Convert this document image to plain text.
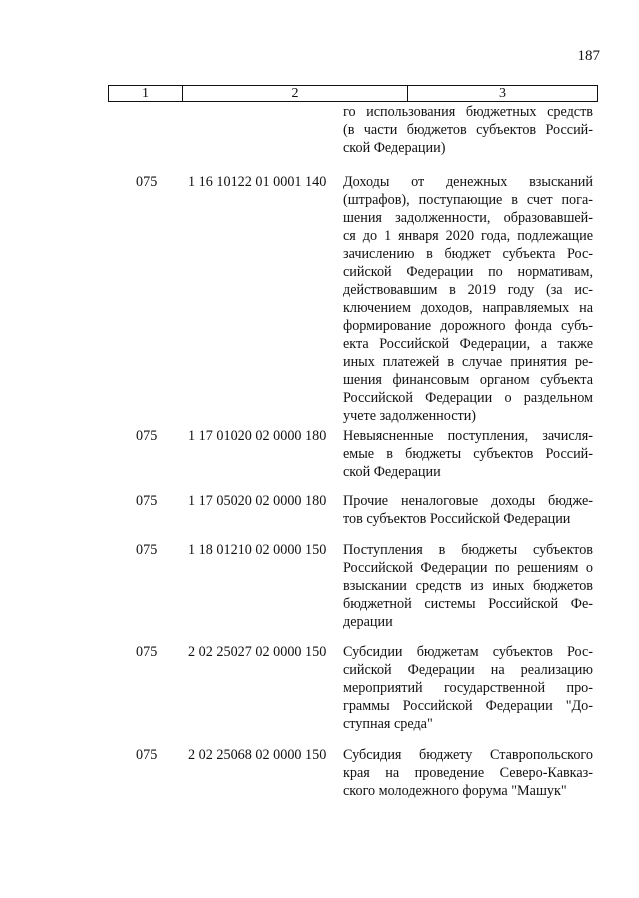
187
1	2	3
го использования бюджетных средств
(в части бюджетов субъектов Россий-
ской Федерации)
075 1 16 10122 01 0001 140 Доходы от денежных взысканий
(штрафов), поступающие в счет пога-
шения задолженности, образовавшей-
ся до 1 января 2020 года, подлежащие
зачислению в бюджет субъекта Рос-
сийской Федерации по нормативам,
действовавшим в 2019 году (за ис-
ключением доходов, направляемых на
формирование дорожного фонда субъ-
екта Российской Федерации, а также
иных платежей в случае принятия ре-
шения финансовым органом субъекта
Российской Федерации о раздельном
учете задолженности)
075 1 17 01020 02 0000 180 Невыясненные поступления, зачисля-
емые в бюджеты субъектов Россий-
ской Федерации
075 1 17 05020 02 0000 180 Прочие неналоговые доходы бюдже-
тов субъектов Российской Федерации
075 1 18 01210 02 0000 150 Поступления в бюджеты субъектов
Российской Федерации по решениям о
взыскании средств из иных бюджетов
бюджетной системы Российской Фе-
дерации
075 2 02 25027 02 0000 150 Субсидии бюджетам субъектов Рос-
сийской Федерации на реализацию
мероприятий государственной про-
граммы Российской Федерации "До-
ступная среда"
075 2 02 25068 02 0000 150 Субсидия бюджету Ставропольского
края на проведение Северо-Кавказ-
ского молодежного форума "Машук"
